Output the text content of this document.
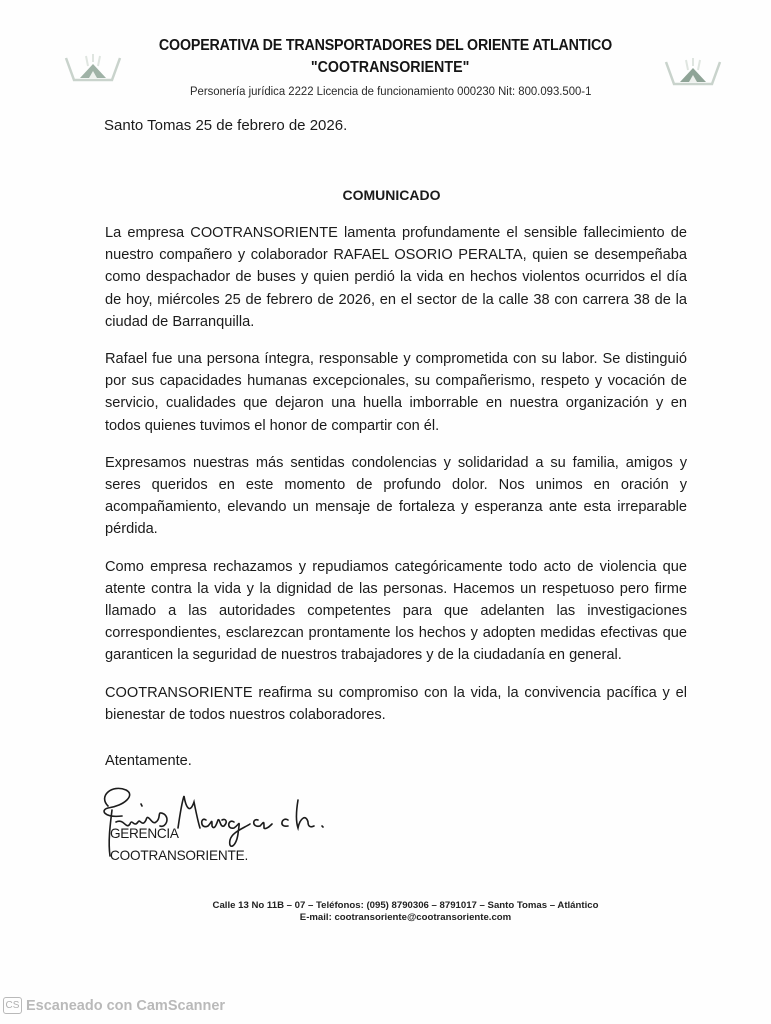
COOPERATIVA DE TRANSPORTADORES DEL ORIENTE ATLANTICO
"COOTRANSORIENTE"
Personería jurídica 2222 Licencia de funcionamiento 000230 Nit: 800.093.500-1
Santo Tomas 25 de febrero de 2026.
COMUNICADO

La empresa COOTRANSORIENTE lamenta profundamente el sensible fallecimiento de nuestro compañero y colaborador RAFAEL OSORIO PERALTA, quien se desempeñaba como despachador de buses y quien perdió la vida en hechos violentos ocurridos el día de hoy, miércoles 25 de febrero de 2026, en el sector de la calle 38 con carrera 38 de la ciudad de Barranquilla.

Rafael fue una persona íntegra, responsable y comprometida con su labor. Se distinguió por sus capacidades humanas excepcionales, su compañerismo, respeto y vocación de servicio, cualidades que dejaron una huella imborrable en nuestra organización y en todos quienes tuvimos el honor de compartir con él.

Expresamos nuestras más sentidas condolencias y solidaridad a su familia, amigos y seres queridos en este momento de profundo dolor. Nos unimos en oración y acompañamiento, elevando un mensaje de fortaleza y esperanza ante esta irreparable pérdida.

Como empresa rechazamos y repudiamos categóricamente todo acto de violencia que atente contra la vida y la dignidad de las personas. Hacemos un respetuoso pero firme llamado a las autoridades competentes para que adelanten las investigaciones correspondientes, esclarezcan prontamente los hechos y adopten medidas efectivas que garanticen la seguridad de nuestros trabajadores y de la ciudadanía en general.

COOTRANSORIENTE reafirma su compromiso con la vida, la convivencia pacífica y el bienestar de todos nuestros colaboradores.

Atentamente.
GERENCIA
COOTRANSORIENTE.
Calle 13 No 11B – 07 – Teléfonos: (095) 8790306 – 8791017 – Santo Tomas – Atlántico
E-mail: cootransoriente@cootransoriente.com
CS Escaneado con CamScanner
